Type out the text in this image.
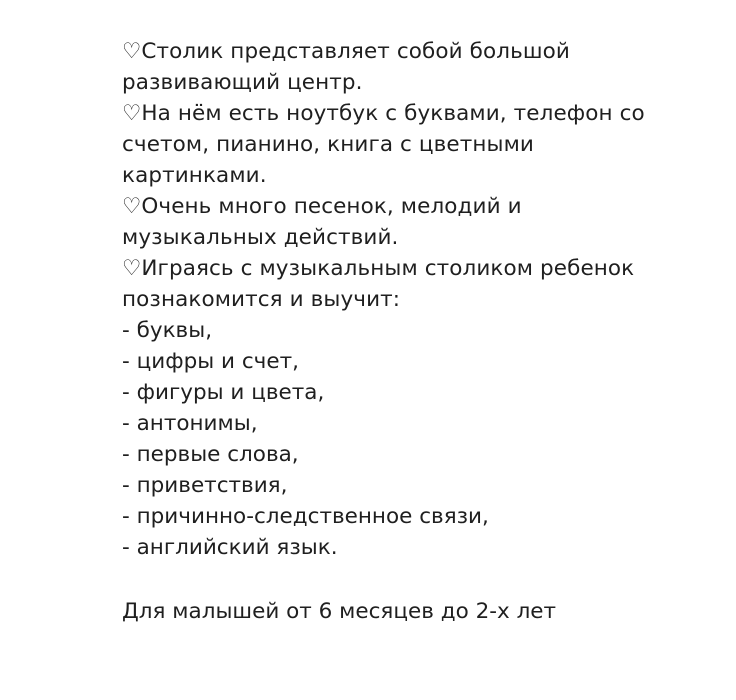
♡Столик представляет собой большой развивающий центр.

♡На нём есть ноутбук с буквами, телефон со счетом, пианино, книга с цветными картинками.

♡Очень много песенок, мелодий и музыкальных действий.

♡Играясь с музыкальным столиком ребенок познакомится и выучит:

- буквы,
- цифры и счет,
- фигуры и цвета,
- антонимы,
- первые слова,
- приветствия,
- причинно-следственное связи,
- английский язык.
Для малышей от 6 месяцев до 2-х лет
